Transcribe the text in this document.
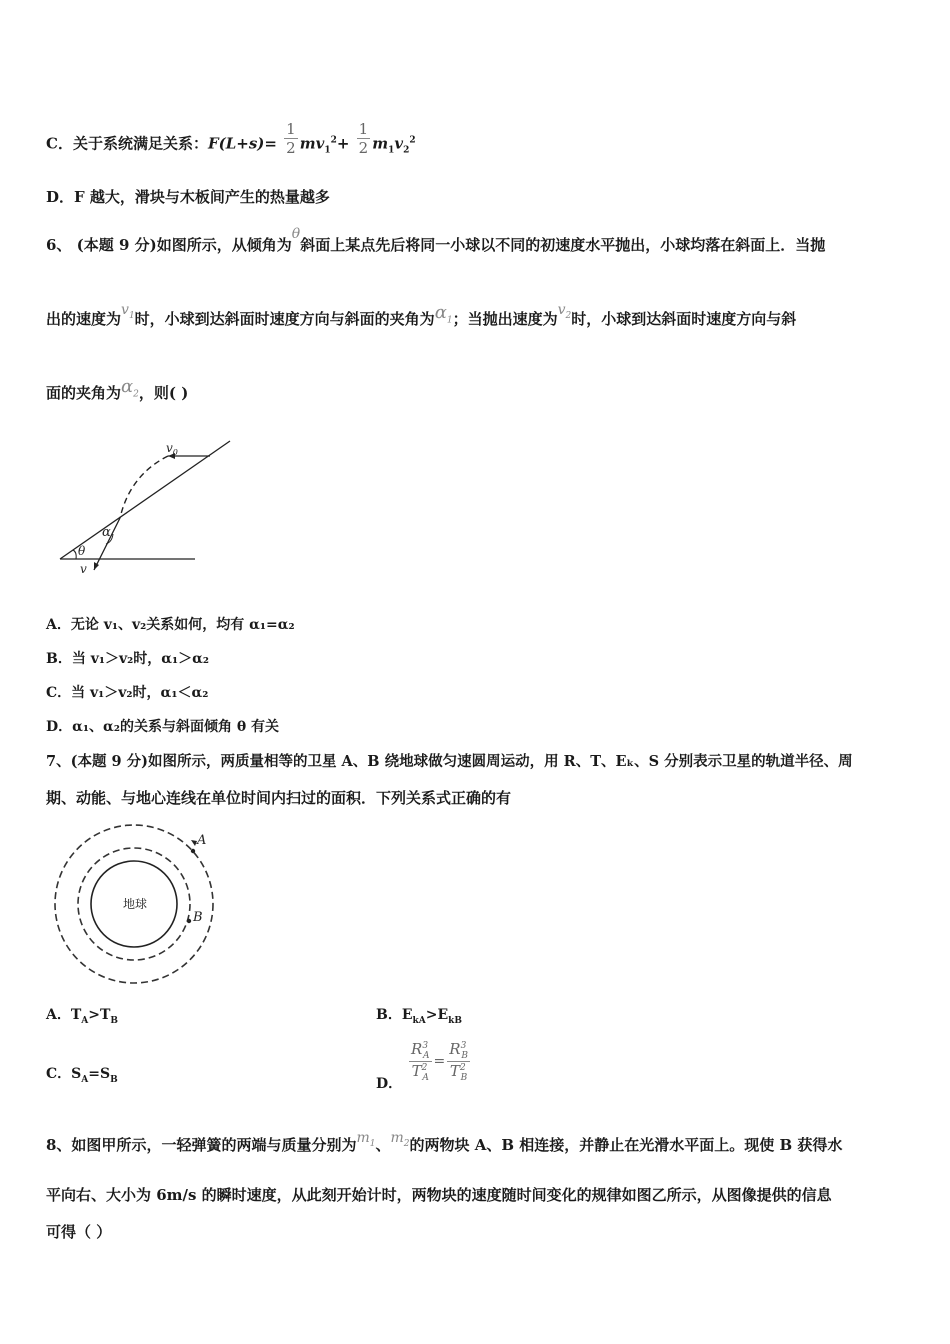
C．关于系统满足关系：$F(L+s)= \frac{1}{2} mv_1^2+ \frac{1}{2} m_1v_2^2$
D．F 越大，滑块与木板间产生的热量越多
6、 (本题 9 分)如图所示，从倾角为θ斜面上某点先后将同一小球以不同的初速度水平抛出，小球均落在斜面上．当抛
出的速度为$v_1$时，小球到达斜面时速度方向与斜面的夹角为$\alpha_1$；当抛出速度为$v_2$时，小球到达斜面时速度方向与斜
面的夹角为$\alpha_2$，则( )
$v_0$
v
α
θ
A．无论 v₁、v₂关系如何，均有 α₁=α₂
B．当 v₁＞v₂时，α₁＞α₂
C．当 v₁＞v₂时，α₁＜α₂
D．α₁、α₂的关系与斜面倾角 θ 有关
7、(本题 9 分)如图所示，两质量相等的卫星 A、B 绕地球做匀速圆周运动，用 R、T、Eₖ、S 分别表示卫星的轨道半径、周
期、动能、与地心连线在单位时间内扫过的面积．下列关系式正确的有
地球
A
B
A．$T_A>T_B$	B．$E_{kA}>E_{kB}$
C．$S_A=S_B$	D．
$\frac{R^3_A}{T^2_A} = \frac{R^3_B}{T^2_B}$
8、如图甲所示，一轻弹簧的两端与质量分别为$m_1$、$m_2$的两物块 A、B 相连接，并静止在光滑水平面上。现使 B 获得水
平向右、大小为 6m/s 的瞬时速度，从此刻开始计时，两物块的速度随时间变化的规律如图乙所示，从图像提供的信息
可得（ ）
